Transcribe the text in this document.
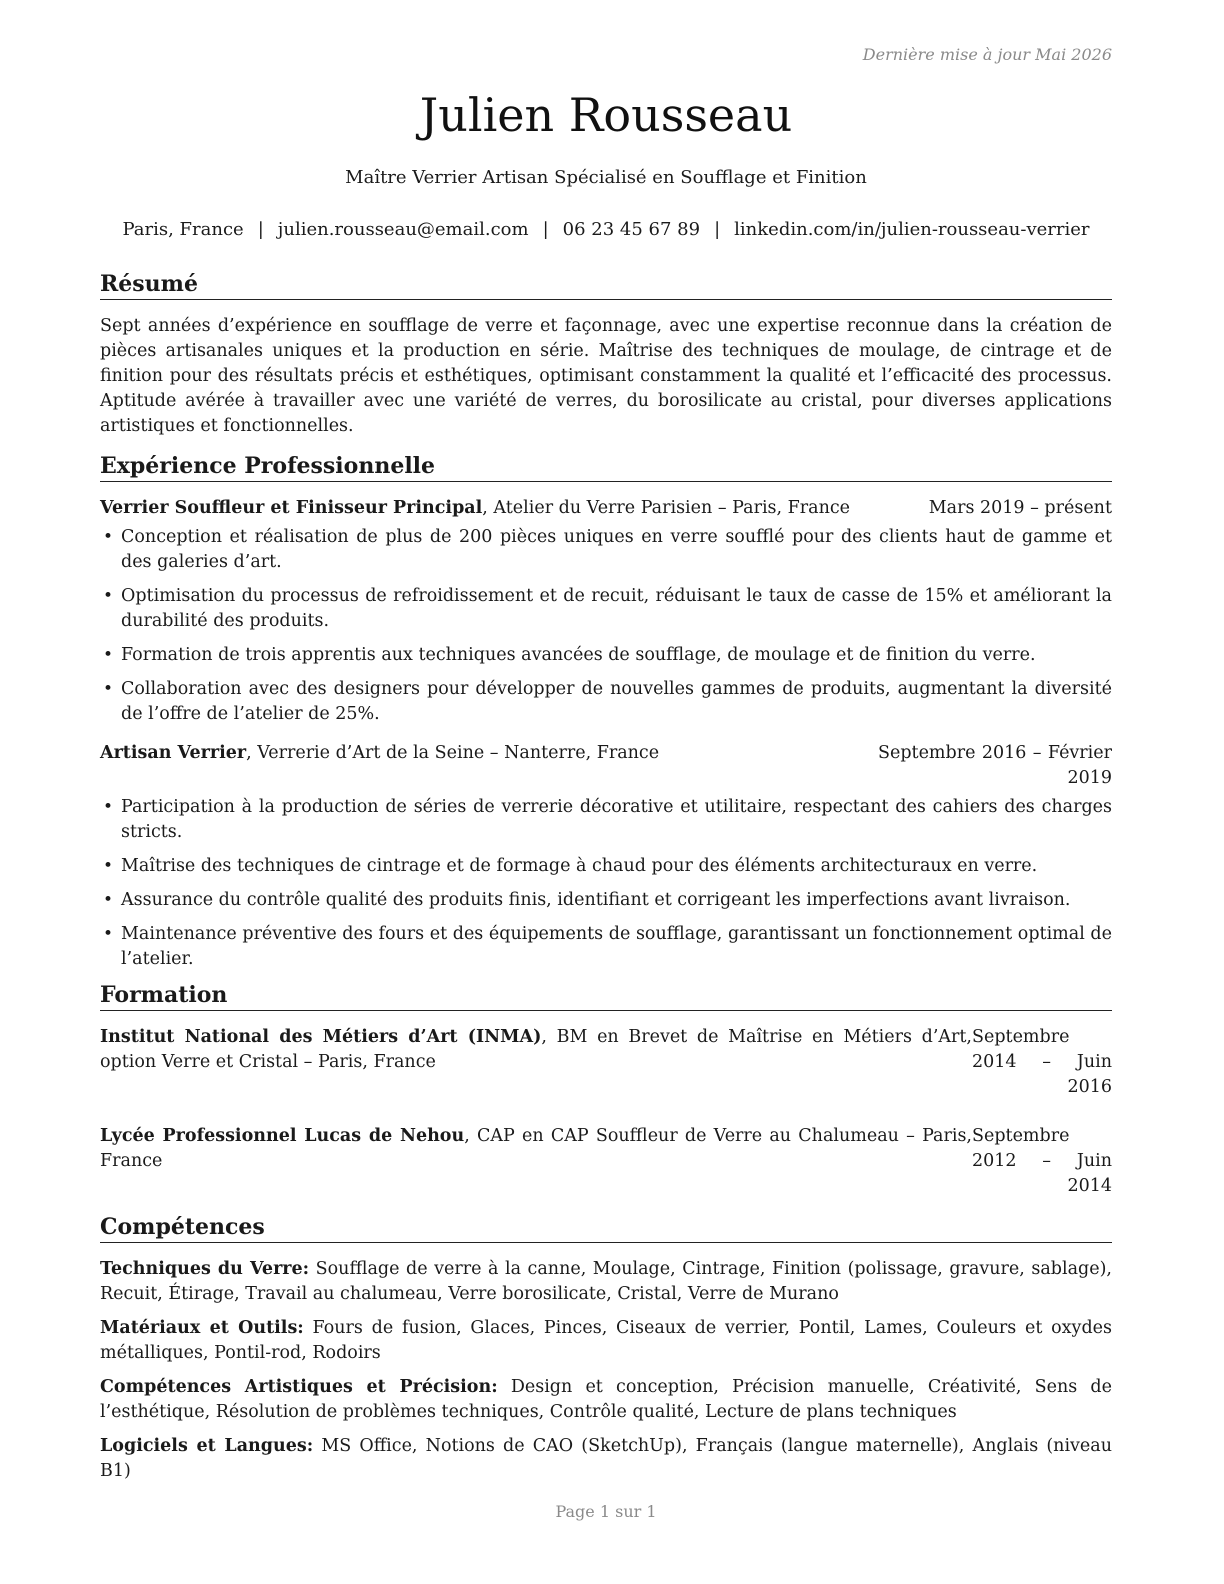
Dernière mise à jour Mai 2026
Julien Rousseau
Maître Verrier Artisan Spécialisé en Soufflage et Finition
Paris, France | julien.rousseau@email.com | 06 23 45 67 89 | linkedin.com/in/julien-rousseau-verrier
Résumé
Sept années d’expérience en soufflage de verre et façonnage, avec une expertise reconnue dans la création de pièces artisanales uniques et la production en série. Maîtrise des techniques de moulage, de cintrage et de finition pour des résultats précis et esthétiques, optimisant constamment la qualité et l’efficacité des processus. Aptitude avérée à travailler avec une variété de verres, du borosilicate au cristal, pour diverses applications artistiques et fonctionnelles.
Expérience Professionnelle
Verrier Souffleur et Finisseur Principal, Atelier du Verre Parisien – Paris, France	Mars 2019 – présent
• Conception et réalisation de plus de 200 pièces uniques en verre soufflé pour des clients haut de gamme et des galeries d’art.
• Optimisation du processus de refroidissement et de recuit, réduisant le taux de casse de 15% et améliorant la durabilité des produits.
• Formation de trois apprentis aux techniques avancées de soufflage, de moulage et de finition du verre.
• Collaboration avec des designers pour développer de nouvelles gammes de produits, augmentant la diversité de l’offre de l’atelier de 25%.
Artisan Verrier, Verrerie d’Art de la Seine – Nanterre, France	Septembre 2016 – Février 2019
• Participation à la production de séries de verrerie décorative et utilitaire, respectant des cahiers des charges stricts.
• Maîtrise des techniques de cintrage et de formage à chaud pour des éléments architecturaux en verre.
• Assurance du contrôle qualité des produits finis, identifiant et corrigeant les imperfections avant livraison.
• Maintenance préventive des fours et des équipements de soufflage, garantissant un fonctionnement optimal de l’atelier.
Formation
Institut National des Métiers d’Art (INMA), BM en Brevet de Maîtrise en Métiers d’Art, option Verre et Cristal – Paris, France
Septembre 2014 – Juin 2016
Lycée Professionnel Lucas de Nehou, CAP en CAP Souffleur de Verre au Chalumeau – Paris, France
Septembre 2012 – Juin 2014
Compétences
Techniques du Verre: Soufflage de verre à la canne, Moulage, Cintrage, Finition (polissage, gravure, sablage), Recuit, Étirage, Travail au chalumeau, Verre borosilicate, Cristal, Verre de Murano
Matériaux et Outils: Fours de fusion, Glaces, Pinces, Ciseaux de verrier, Pontil, Lames, Couleurs et oxydes métalliques, Pontil-rod, Rodoirs
Compétences Artistiques et Précision: Design et conception, Précision manuelle, Créativité, Sens de l’esthétique, Résolution de problèmes techniques, Contrôle qualité, Lecture de plans techniques
Logiciels et Langues: MS Office, Notions de CAO (SketchUp), Français (langue maternelle), Anglais (niveau B1)
Page 1 sur 1
